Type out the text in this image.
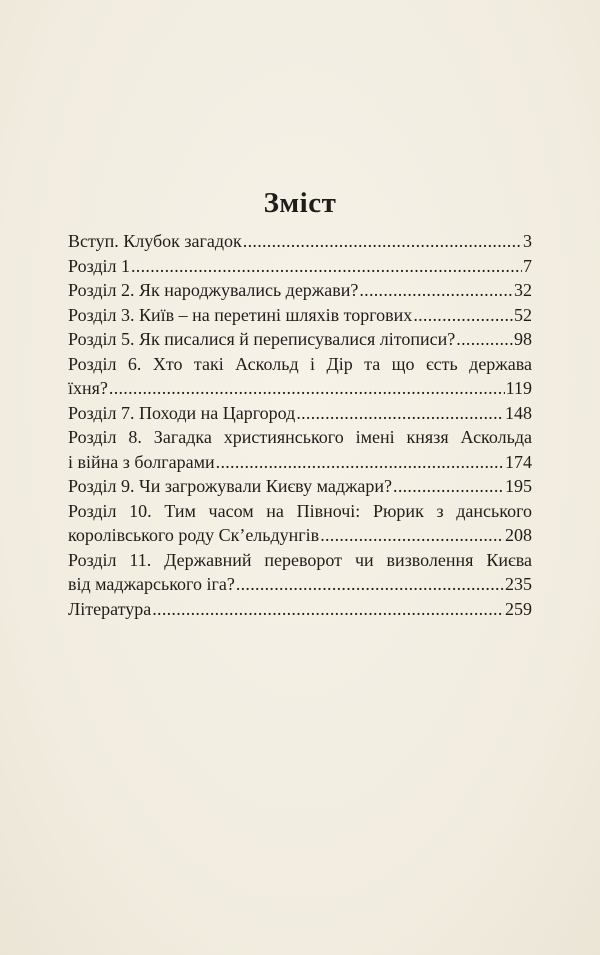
Зміст
Вступ. Клубок загадок .....	3
Розділ 1 .....	7
Розділ 2. Як народжувались держави? .....	32
Розділ 3. Київ – на перетині шляхів торгових .....	52
Розділ 5. Як писалися й переписувалися літописи? .....	98
Розділ 6. Хто такі Аскольд і Дір та що єсть держава
їхня? .....	119
Розділ 7. Походи на Царгород .....	148
Розділ 8. Загадка християнського імені князя Аскольда
і війна з болгарами .....	174
Розділ 9. Чи загрожували Києву маджари? .....	195
Розділ 10. Тим часом на Півночі: Рюрик з данського
королівського роду Ск’ельдунгів .....	208
Розділ 11. Державний переворот чи визволення Києва
від маджарського іга? .....	235
Література .....	259
